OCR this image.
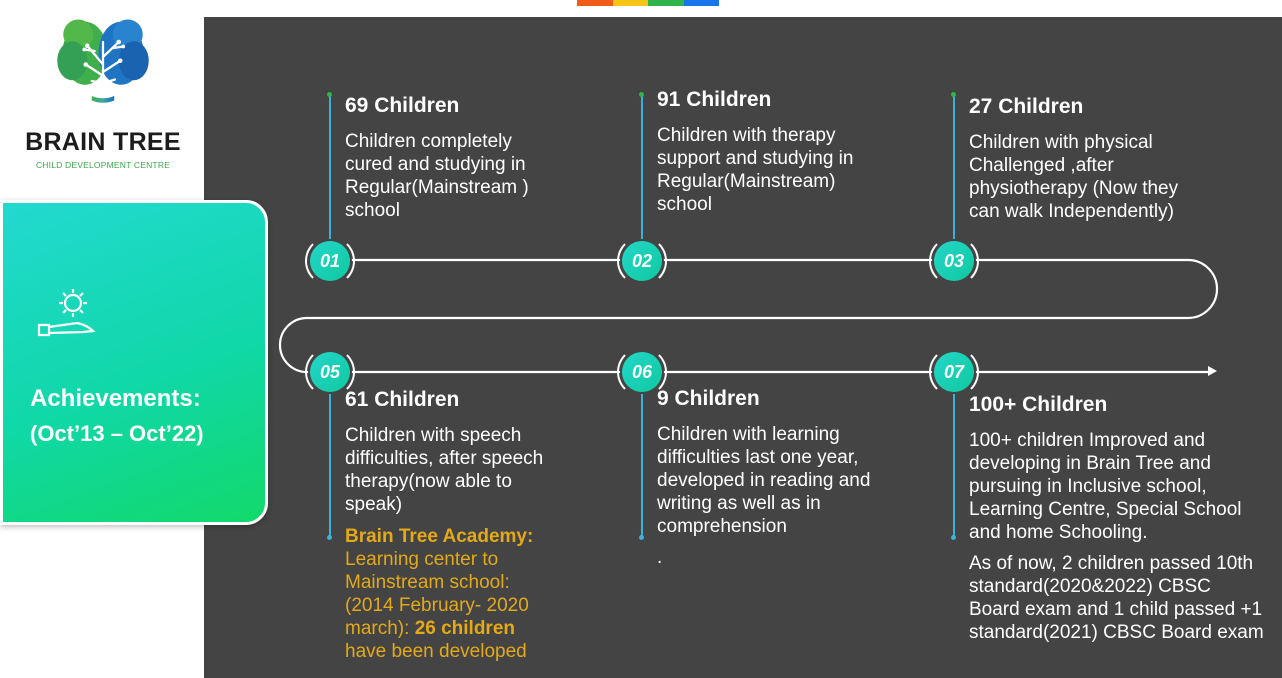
BRAIN TREE
CHILD DEVELOPMENT CENTRE
Achievements:
(Oct’13 – Oct’22)
01	02	03
05	06	07
69 Children

Children completely cured and studying in Regular(Mainstream ) school

91 Children

Children with therapy support and studying in Regular(Mainstream) school

27 Children

Children with physical Challenged ,after physiotherapy (Now they can walk Independently)

61 Children

Children with speech difficulties, after speech therapy(now able to speak)

Brain Tree Academy: Learning center to Mainstream school: (2014 February- 2020 march): 26 children have been developed

9 Children

Children with learning difficulties last one year, developed in reading and writing as well as in comprehension

.

100+ Children

100+ children Improved and developing in Brain Tree and pursuing in Inclusive school, Learning Centre, Special School and home Schooling.

As of now, 2 children passed 10th standard(2020&2022) CBSC Board exam and 1 child passed +1 standard(2021) CBSC Board exam
